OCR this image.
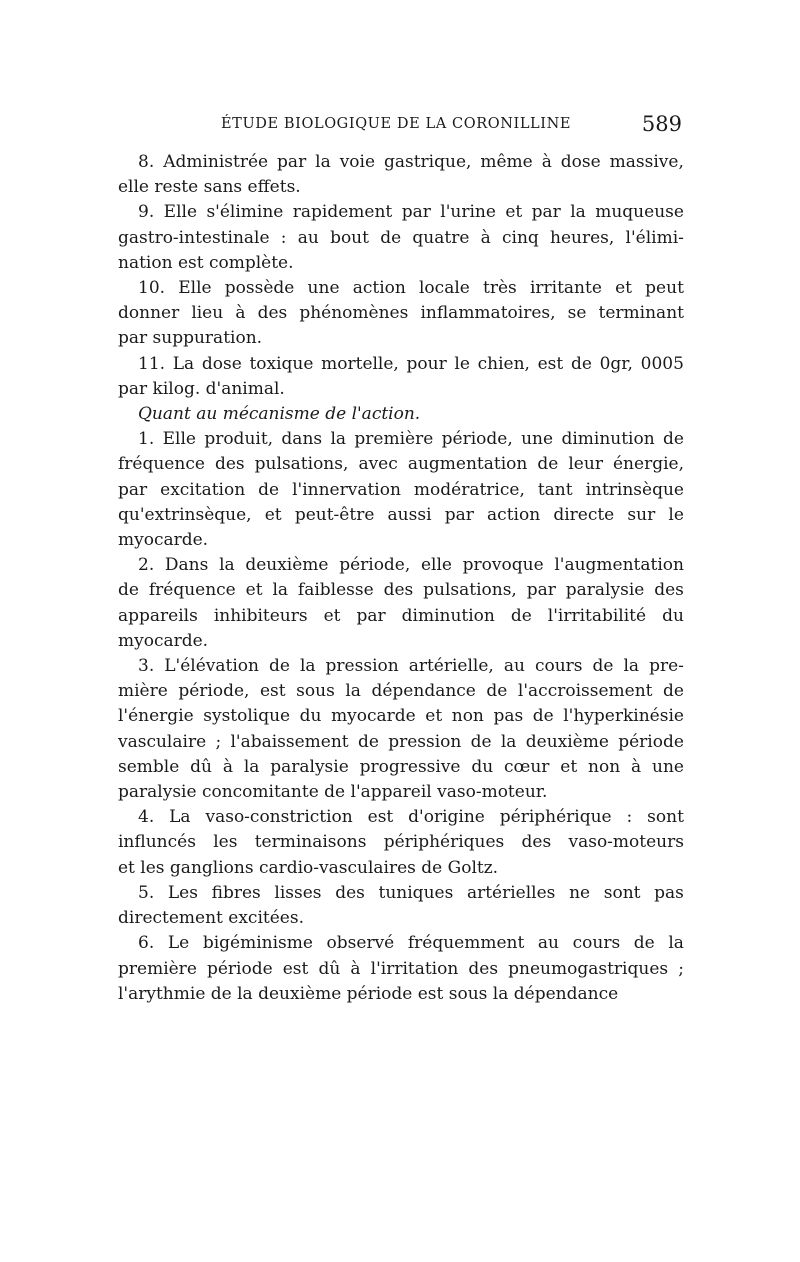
ÉTUDE BIOLOGIQUE DE LA CORONILLINE	589
8. Administrée par la voie gastrique, même à dose massive,
elle reste sans effets.
9. Elle s'élimine rapidement par l'urine et par la muqueuse
gastro-intestinale : au bout de quatre à cinq heures, l'élimi-
nation est complète.
10. Elle possède une action locale très irritante et peut
donner lieu à des phénomènes inflammatoires, se terminant
par suppuration.
11. La dose toxique mortelle, pour le chien, est de 0gr, 0005
par kilog. d'animal.
Quant au mécanisme de l'action.
1. Elle produit, dans la première période, une diminution de
fréquence des pulsations, avec augmentation de leur énergie,
par excitation de l'innervation modératrice, tant intrinsèque
qu'extrinsèque, et peut-être aussi par action directe sur le
myocarde.
2. Dans la deuxième période, elle provoque l'augmentation
de fréquence et la faiblesse des pulsations, par paralysie des
appareils inhibiteurs et par diminution de l'irritabilité du
myocarde.
3. L'élévation de la pression artérielle, au cours de la pre-
mière période, est sous la dépendance de l'accroissement de
l'énergie systolique du myocarde et non pas de l'hyperkinésie
vasculaire ; l'abaissement de pression de la deuxième période
semble dû à la paralysie progressive du cœur et non à une
paralysie concomitante de l'appareil vaso-moteur.
4. La vaso-constriction est d'origine périphérique : sont
influncés les terminaisons périphériques des vaso-moteurs
et les ganglions cardio-vasculaires de Goltz.
5. Les fibres lisses des tuniques artérielles ne sont pas
directement excitées.
6. Le bigéminisme observé fréquemment au cours de la
première période est dû à l'irritation des pneumogastriques ;
l'arythmie de la deuxième période est sous la dépendance
